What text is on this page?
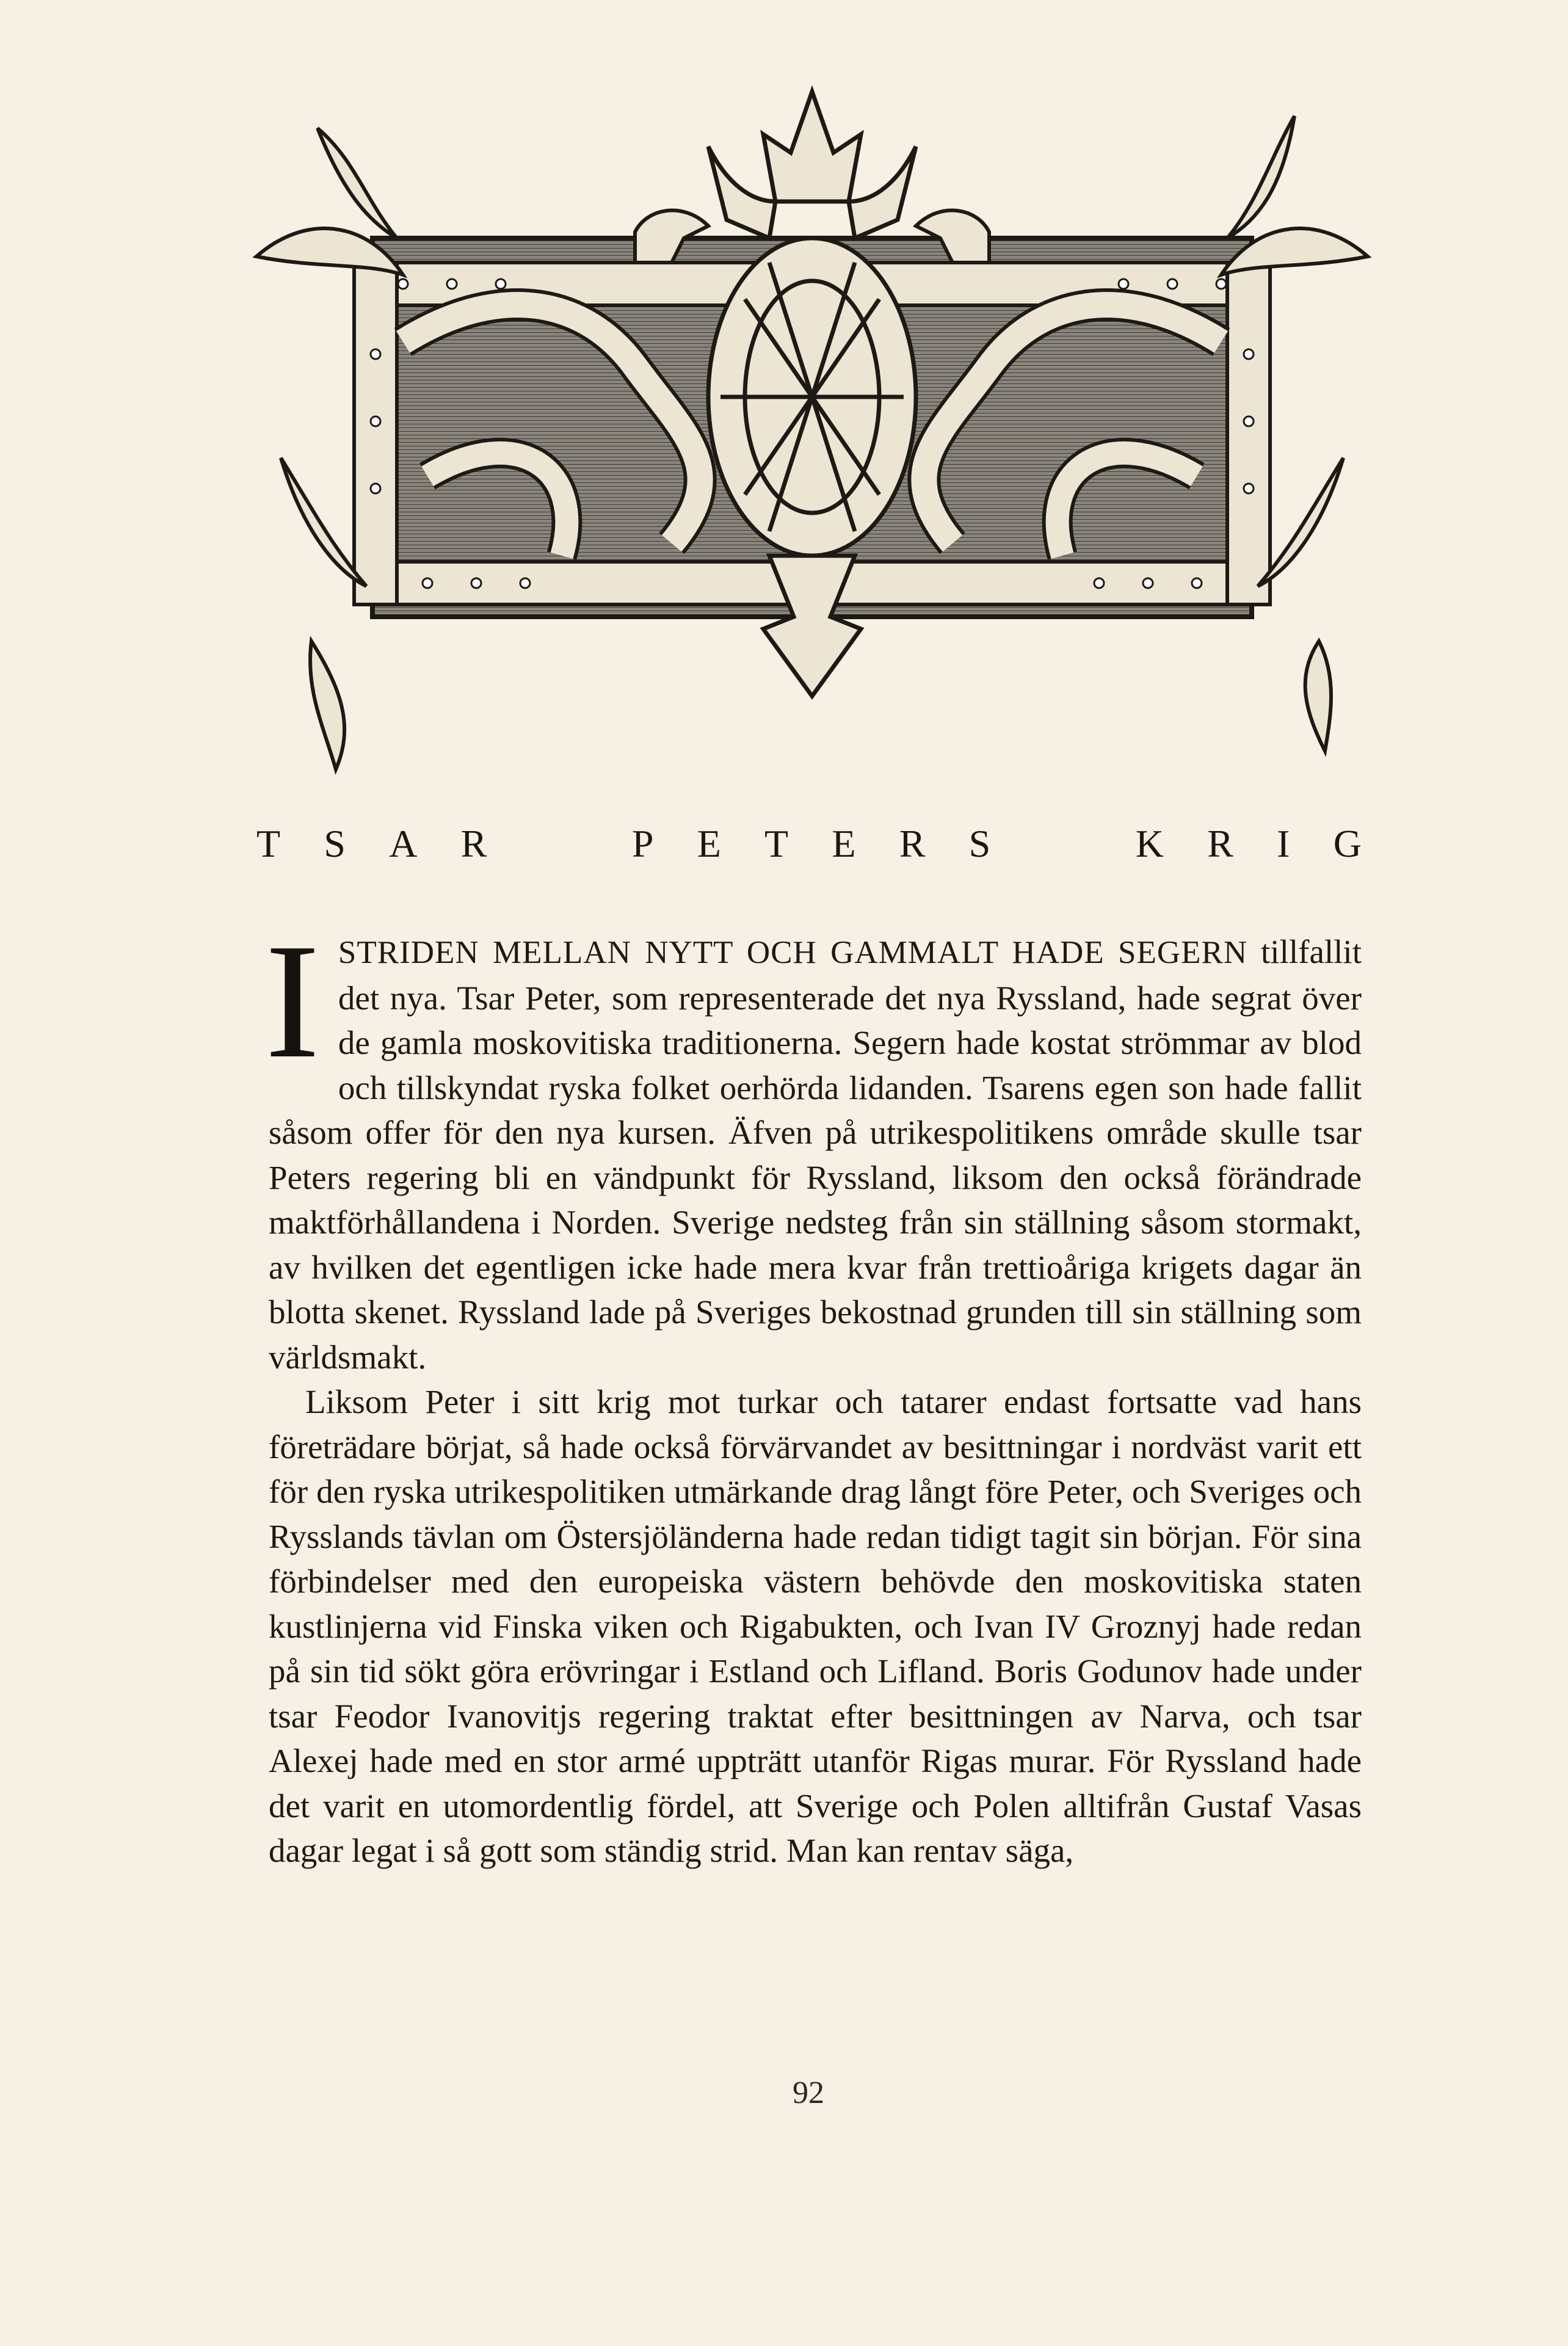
T S A R	P E T E R S	K R I G
I STRIDEN MELLAN NYTT OCH GAMMALT HADE SEGERN tillfallit det nya. Tsar Peter, som representerade det nya Ryssland, hade segrat över de gamla moskovitiska traditionerna. Segern hade kostat strömmar av blod och tillskyndat ryska folket oerhörda lidanden. Tsarens egen son hade fallit såsom offer för den nya kursen. Äfven på utrikespolitikens område skulle tsar Peters regering bli en vändpunkt för Ryssland, liksom den också förändrade maktförhållandena i Norden. Sverige nedsteg från sin ställning såsom stormakt, av hvilken det egentligen icke hade mera kvar från trettioåriga krigets dagar än blotta skenet. Ryssland lade på Sveriges bekostnad grunden till sin ställning som världsmakt.

Liksom Peter i sitt krig mot turkar och tatarer endast fortsatte vad hans företrädare börjat, så hade också förvärvandet av besittningar i nordväst varit ett för den ryska utrikespolitiken utmärkande drag långt före Peter, och Sveriges och Rysslands tävlan om Östersjöländerna hade redan tidigt tagit sin början. För sina förbindelser med den europeiska västern behövde den moskovitiska staten kustlinjerna vid Finska viken och Rigabukten, och Ivan IV Groznyj hade redan på sin tid sökt göra erövringar i Estland och Lifland. Boris Godunov hade under tsar Feodor Ivanovitjs regering traktat efter besittningen av Narva, och tsar Alexej hade med en stor armé uppträtt utanför Rigas murar. För Ryssland hade det varit en utomordentlig fördel, att Sverige och Polen alltifrån Gustaf Vasas dagar legat i så gott som ständig strid. Man kan rentav säga,

92
